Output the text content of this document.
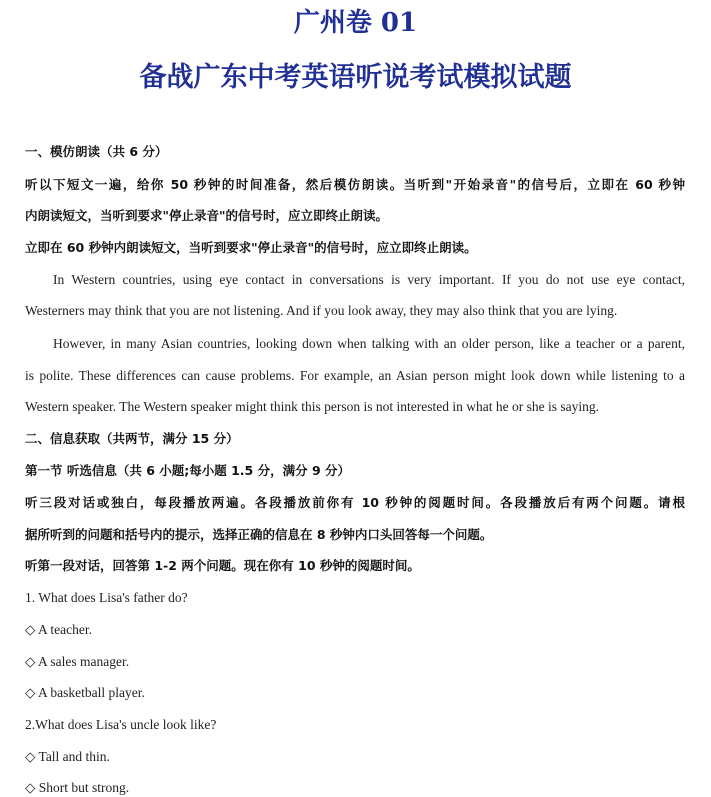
广州卷 01
备战广东中考英语听说考试模拟试题

一、模仿朗读（共 6 分）

听以下短文一遍，给你 50 秒钟的时间准备，然后模仿朗读。当听到"开始录音"的信号后，立即在 60 秒钟

内朗读短文，当听到要求"停止录音"的信号时，应立即终止朗读。

立即在 60 秒钟内朗读短文，当听到要求"停止录音"的信号时，应立即终止朗读。

In Western countries, using eye contact in conversations is very important. If you do not use eye contact,

Westerners may think that you are not listening. And if you look away, they may also think that you are lying.

However, in many Asian countries, looking down when talking with an older person, like a teacher or a parent,

is polite. These differences can cause problems. For example, an Asian person might look down while listening to a

Western speaker. The Western speaker might think this person is not interested in what he or she is saying.

二、信息获取（共两节，满分 15 分）

第一节 听选信息（共 6 小题;每小题 1.5 分，满分 9 分）

听三段对话或独白，每段播放两遍。各段播放前你有 10 秒钟的阅题时间。各段播放后有两个问题。请根

据所听到的问题和括号内的提示，选择正确的信息在 8 秒钟内口头回答每一个问题。

听第一段对话，回答第 1-2 两个问题。现在你有 10 秒钟的阅题时间。

1. What does Lisa's father do?

◇ A teacher.

◇ A sales manager.

◇ A basketball player.

2.What does Lisa's uncle look like?

◇ Tall and thin.

◇ Short but strong.
